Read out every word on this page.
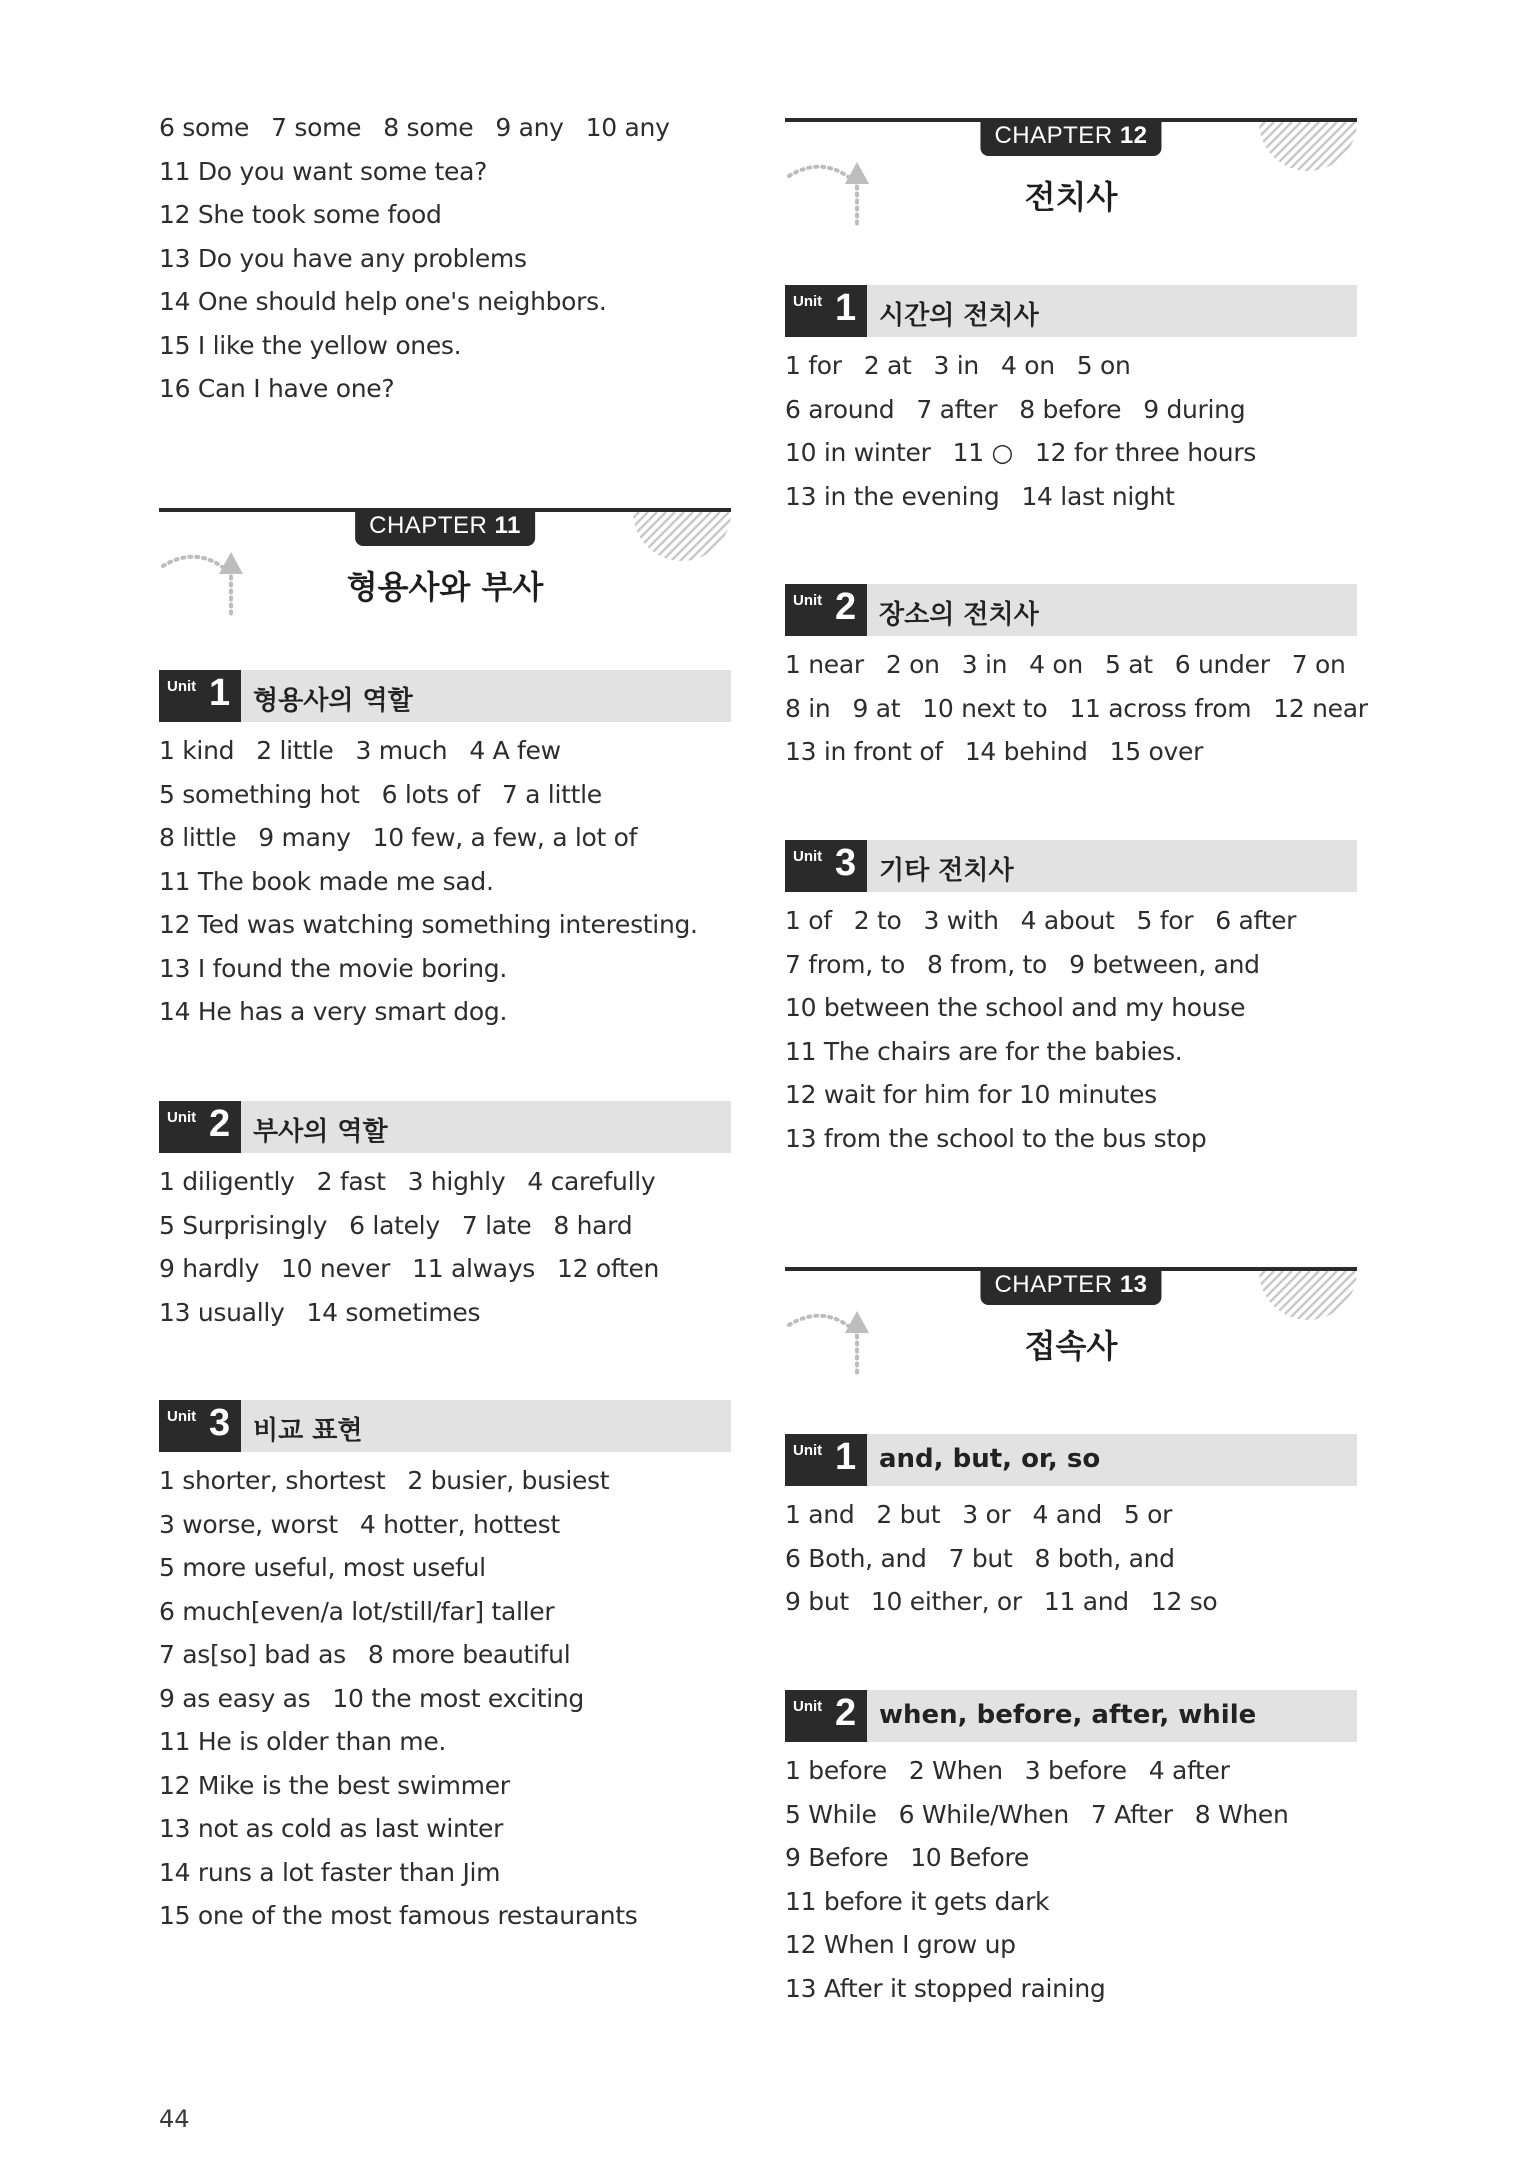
6 some 7 some 8 some 9 any 10 any
11 Do you want some tea?
12 She took some food
13 Do you have any problems
14 One should help one's neighbors.
15 I like the yellow ones.
16 Can I have one?
CHAPTER 11
형용사와 부사
Unit 1 형용사의 역할
1 kind 2 little 3 much 4 A few
5 something hot 6 lots of 7 a little
8 little 9 many 10 few, a few, a lot of
11 The book made me sad.
12 Ted was watching something interesting.
13 I found the movie boring.
14 He has a very smart dog.
Unit 2 부사의 역할
1 diligently 2 fast 3 highly 4 carefully
5 Surprisingly 6 lately 7 late 8 hard
9 hardly 10 never 11 always 12 often
13 usually 14 sometimes
Unit 3 비교 표현
1 shorter, shortest 2 busier, busiest
3 worse, worst 4 hotter, hottest
5 more useful, most useful
6 much[even/a lot/still/far] taller
7 as[so] bad as 8 more beautiful
9 as easy as 10 the most exciting
11 He is older than me.
12 Mike is the best swimmer
13 not as cold as last winter
14 runs a lot faster than Jim
15 one of the most famous restaurants
CHAPTER 12
전치사
Unit 1 시간의 전치사
1 for 2 at 3 in 4 on 5 on
6 around 7 after 8 before 9 during
10 in winter 11 ○ 12 for three hours
13 in the evening 14 last night
Unit 2 장소의 전치사
1 near 2 on 3 in 4 on 5 at 6 under 7 on
8 in 9 at 10 next to 11 across from 12 near
13 in front of 14 behind 15 over
Unit 3 기타 전치사
1 of 2 to 3 with 4 about 5 for 6 after
7 from, to 8 from, to 9 between, and
10 between the school and my house
11 The chairs are for the babies.
12 wait for him for 10 minutes
13 from the school to the bus stop
CHAPTER 13
접속사
Unit 1 and, but, or, so
1 and 2 but 3 or 4 and 5 or
6 Both, and 7 but 8 both, and
9 but 10 either, or 11 and 12 so
Unit 2 when, before, after, while
1 before 2 When 3 before 4 after
5 While 6 While/When 7 After 8 When
9 Before 10 Before
11 before it gets dark
12 When I grow up
13 After it stopped raining
44
